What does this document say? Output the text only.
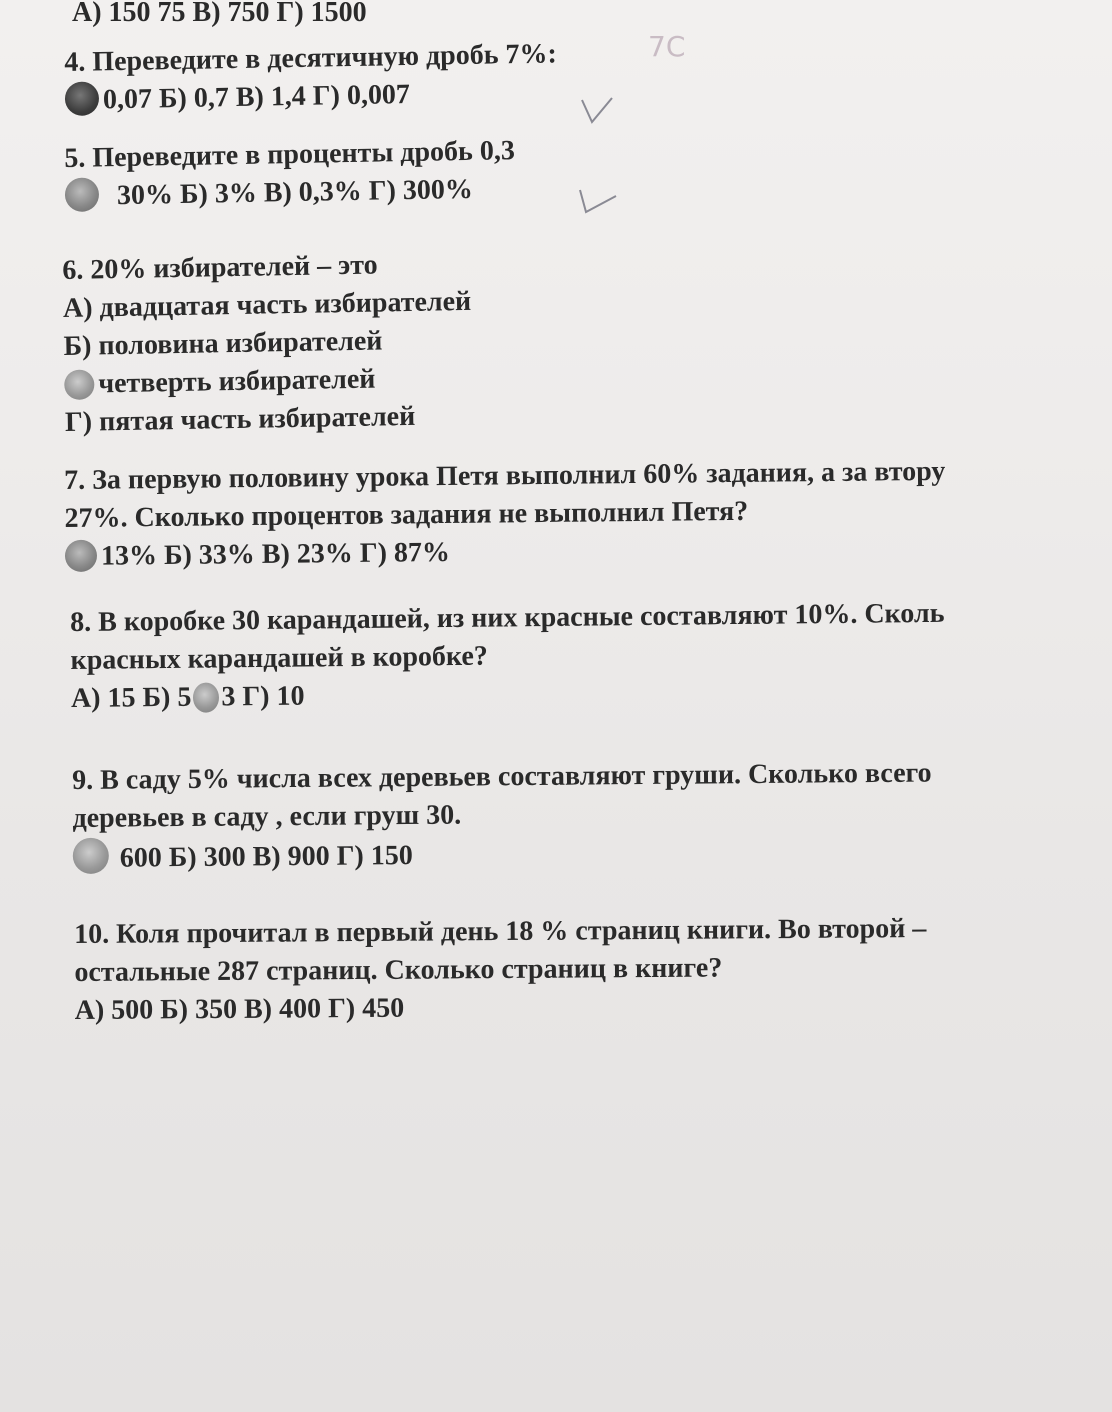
А) 150 75 В) 750 Г) 1500
4. Переведите в десятичную дробь 7%:
0,07 Б) 0,7 В) 1,4 Г) 0,007
7С
5. Переведите в проценты дробь 0,3
30% Б) 3% В) 0,3% Г) 300%
6. 20% избирателей – это
А) двадцатая часть избирателей
Б) половина избирателей
четверть избирателей
Г) пятая часть избирателей
7. За первую половину урока Петя выполнил 60% задания, а за втору
27%. Сколько процентов задания не выполнил Петя?
13% Б) 33% В) 23% Г) 87%
8. В коробке 30 карандашей, из них красные составляют 10%. Сколь
красных карандашей в коробке?
А) 15 Б) 5 3 Г) 10
9. В саду 5% числа всех деревьев составляют груши. Сколько всего
деревьев в саду , если груш 30.
600 Б) 300 В) 900 Г) 150
10. Коля прочитал в первый день 18 % страниц книги. Во второй –
остальные 287 страниц. Сколько страниц в книге?
А) 500 Б) 350 В) 400 Г) 450
